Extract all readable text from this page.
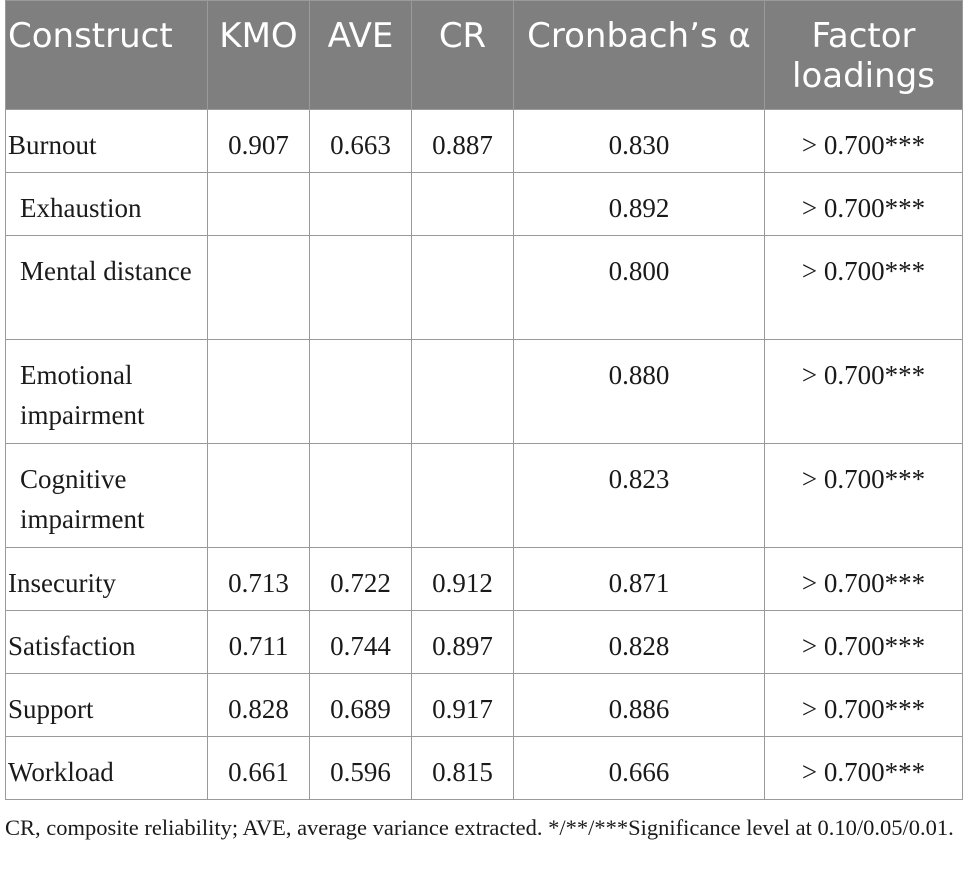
Construct	KMO	AVE	CR	Cronbach’s α	Factor loadings
Burnout	0.907	0.663	0.887	0.830	> 0.700***
Exhaustion				0.892	> 0.700***
Mental distance				0.800	> 0.700***
Emotional impairment				0.880	> 0.700***
Cognitive impairment				0.823	> 0.700***
Insecurity	0.713	0.722	0.912	0.871	> 0.700***
Satisfaction	0.711	0.744	0.897	0.828	> 0.700***
Support	0.828	0.689	0.917	0.886	> 0.700***
Workload	0.661	0.596	0.815	0.666	> 0.700***
CR, composite reliability; AVE, average variance extracted. */**/***Significance level at 0.10/0.05/0.01.
